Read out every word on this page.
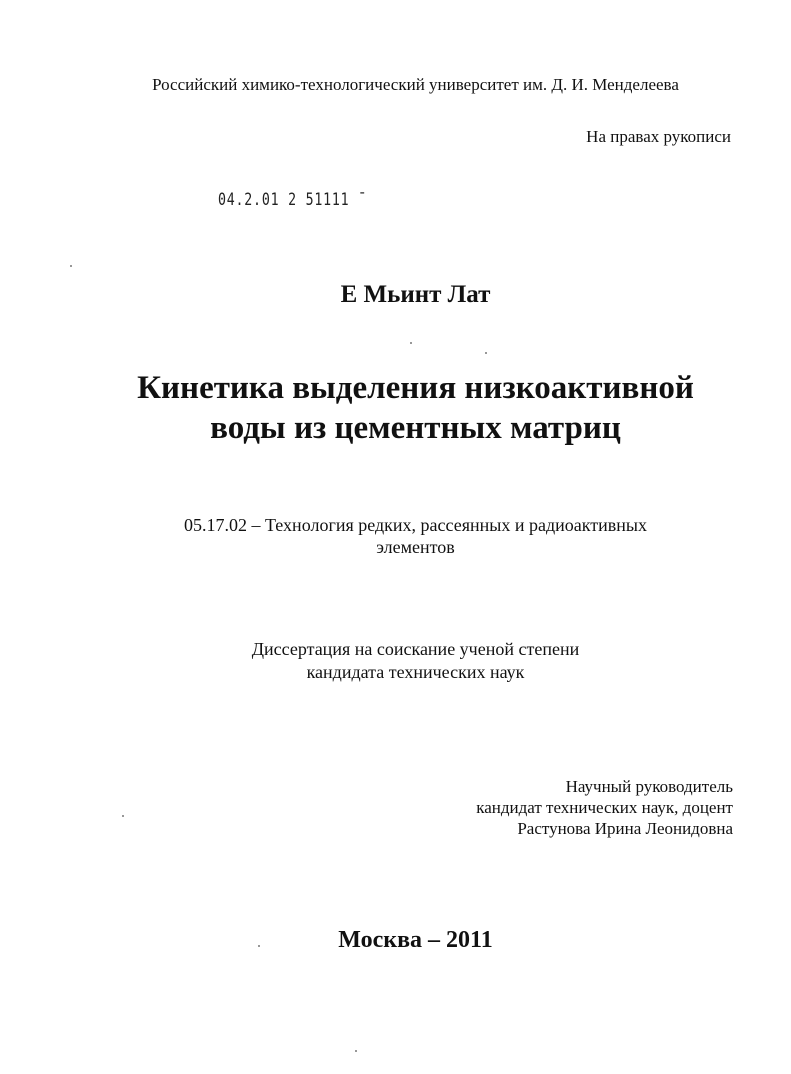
Российский химико-технологический университет им. Д. И. Менделеева
На правах рукописи
04.2.01 2 51111 ˉ
Е Мьинт Лат
Кинетика выделения низкоактивной
воды из цементных матриц
05.17.02 – Технология редких, рассеянных и радиоактивных
элементов
Диссертация на соискание ученой степени
кандидата технических наук
Научный руководитель
кандидат технических наук, доцент
Растунова Ирина Леонидовна
Москва – 2011
